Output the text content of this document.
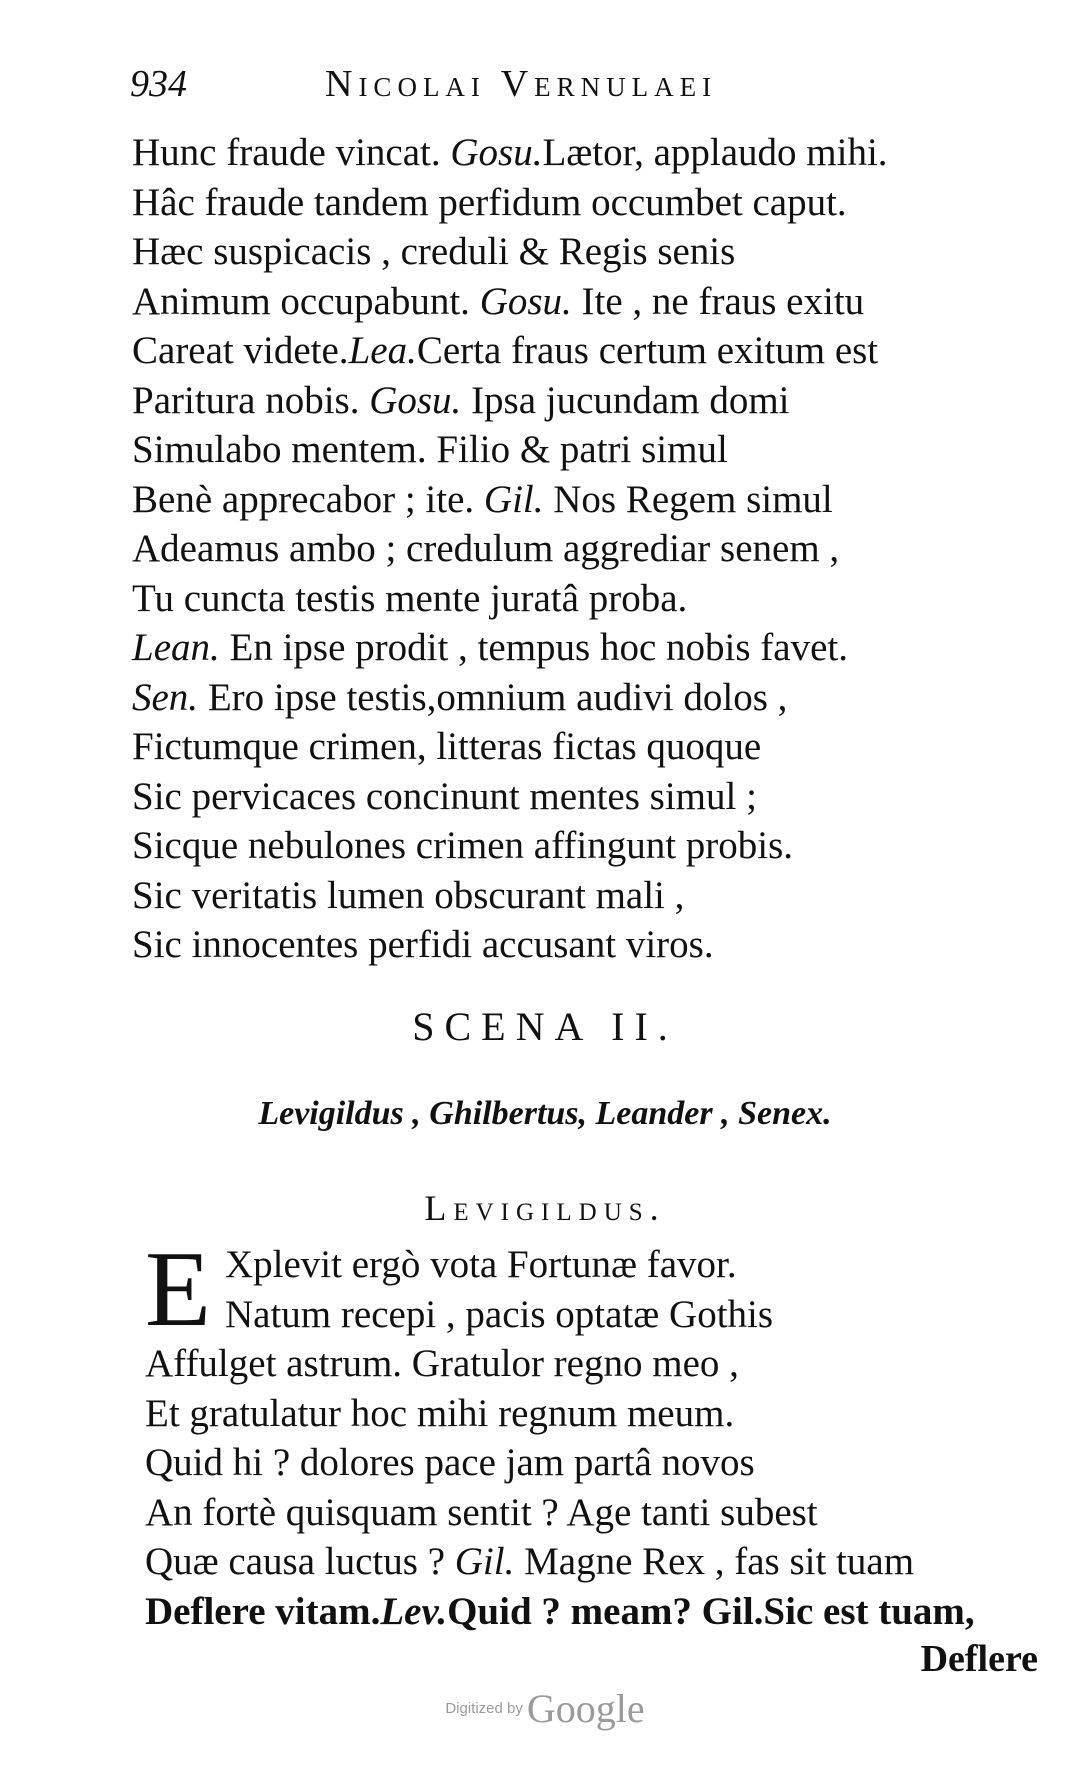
934	Nicolai Vernulaei
Hunc fraude vincat. Gosu.Lætor, applaudo mihi.
Hâc fraude tandem perfidum occumbet caput.
Hæc suspicacis , creduli & Regis senis
Animum occupabunt. Gosu. Ite , ne fraus exitu
Careat videte.Lea.Certa fraus certum exitum est
Paritura nobis. Gosu. Ipsa jucundam domi
Simulabo mentem. Filio & patri simul
Benè apprecabor ; ite. Gil. Nos Regem simul
Adeamus ambo ; credulum aggrediar senem ,
Tu cuncta testis mente juratâ proba.
Lean. En ipse prodit , tempus hoc nobis favet.
Sen. Ero ipse testis,omnium audivi dolos ,
Fictumque crimen, litteras fictas quoque
Sic pervicaces concinunt mentes simul ;
Sicque nebulones crimen affingunt probis.
Sic veritatis lumen obscurant mali ,
Sic innocentes perfidi accusant viros.
SCENA II.
Levigildus , Ghilbertus, Leander , Senex.
Levigildus.
E Xplevit ergò vota Fortunæ favor.
Natum recepi , pacis optatæ Gothis
Affulget astrum. Gratulor regno meo ,
Et gratulatur hoc mihi regnum meum.
Quid hi ? dolores pace jam partâ novos
An fortè quisquam sentit ? Age tanti subest
Quæ causa luctus ? Gil. Magne Rex , fas sit tuam
Deflere vitam.Lev.Quid ? meam? Gil.Sic est tuam,
Deflere
Digitized by Google
